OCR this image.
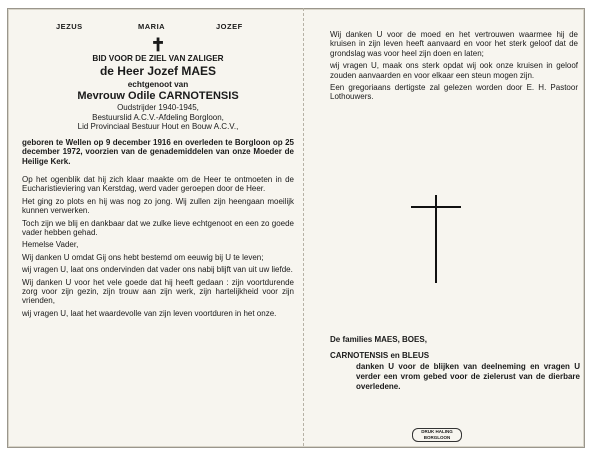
JEZUS	MARIA	JOZEF
✝
BID VOOR DE ZIEL VAN ZALIGER
de Heer Jozef MAES
echtgenoot van
Mevrouw Odile CARNOTENSIS
Oudstrijder 1940-1945,
Bestuurslid A.C.V.-Afdeling Borgloon,
Lid Provinciaal Bestuur Hout en Bouw A.C.V.,
geboren te Wellen op 9 december 1916 en overleden te Borgloon op 25 december 1972, voorzien van de genademiddelen van onze Moeder de Heilige Kerk.

Op het ogenblik dat hij zich klaar maakte om de Heer te ontmoeten in de Eucharistieviering van Kerstdag, werd vader geroepen door de Heer.

Het ging zo plots en hij was nog zo jong. Wij zullen zijn heengaan moeilijk kunnen verwerken.

Toch zijn we blij en dankbaar dat we zulke lieve echtgenoot en een zo goede vader hebben gehad.

Hemelse Vader,

Wij danken U omdat Gij ons hebt bestemd om eeuwig bij U te leven;

wij vragen U, laat ons ondervinden dat vader ons nabij blijft van uit uw liefde.

Wij danken U voor het vele goede dat hij heeft gedaan : zijn voortdurende zorg voor zijn gezin, zijn trouw aan zijn werk, zijn hartelijkheid voor zijn vrienden,

wij vragen U, laat het waardevolle van zijn leven voortduren in het onze.

Wij danken U voor de moed en het vertrouwen waarmee hij de kruisen in zijn leven heeft aanvaard en voor het sterk geloof dat de grondslag was voor heel zijn doen en laten;

wij vragen U, maak ons sterk opdat wij ook onze kruisen in geloof zouden aanvaarden en voor elkaar een steun mogen zijn.

Een gregoriaans dertigste zal gelezen worden door E. H. Pastoor Lothouwers.

De families MAES, BOES,
CARNOTENSIS en BLEUS
danken U voor de blijken van deelneming en vragen U verder een vrom gebed voor de zielerust van de dierbare overledene.
DRUK HALING
BORGLOON
